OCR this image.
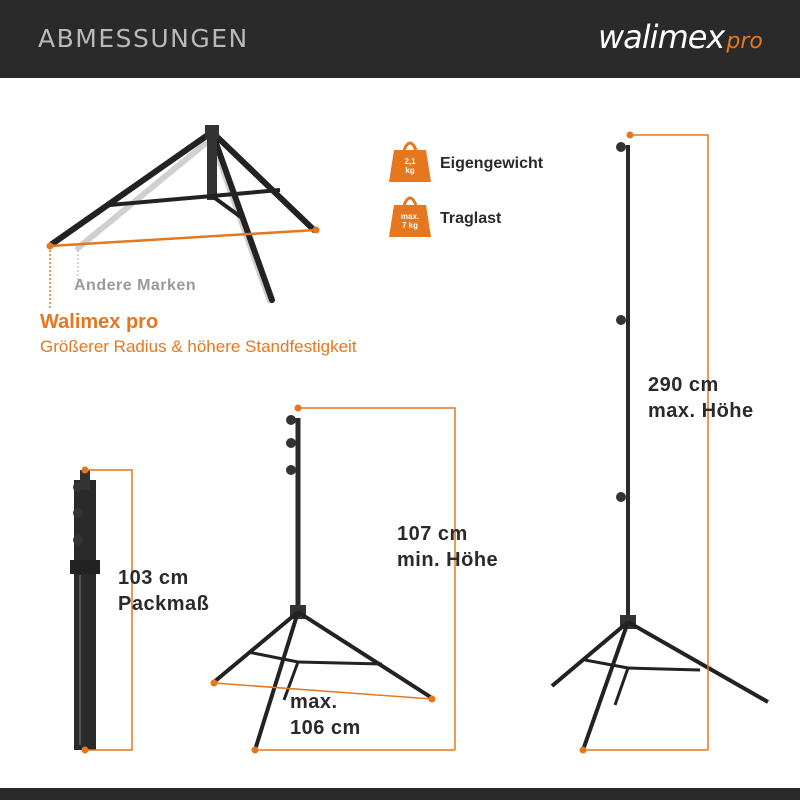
ABMESSUNGEN	walimexpro
2,1
kg
max.
7 kg
Eigengewicht
Traglast
Andere Marken
Walimex pro
Größerer Radius & höhere Standfestigkeit
103 cm
Packmaß
107 cm
min. Höhe
max.
106 cm
290 cm
max. Höhe
